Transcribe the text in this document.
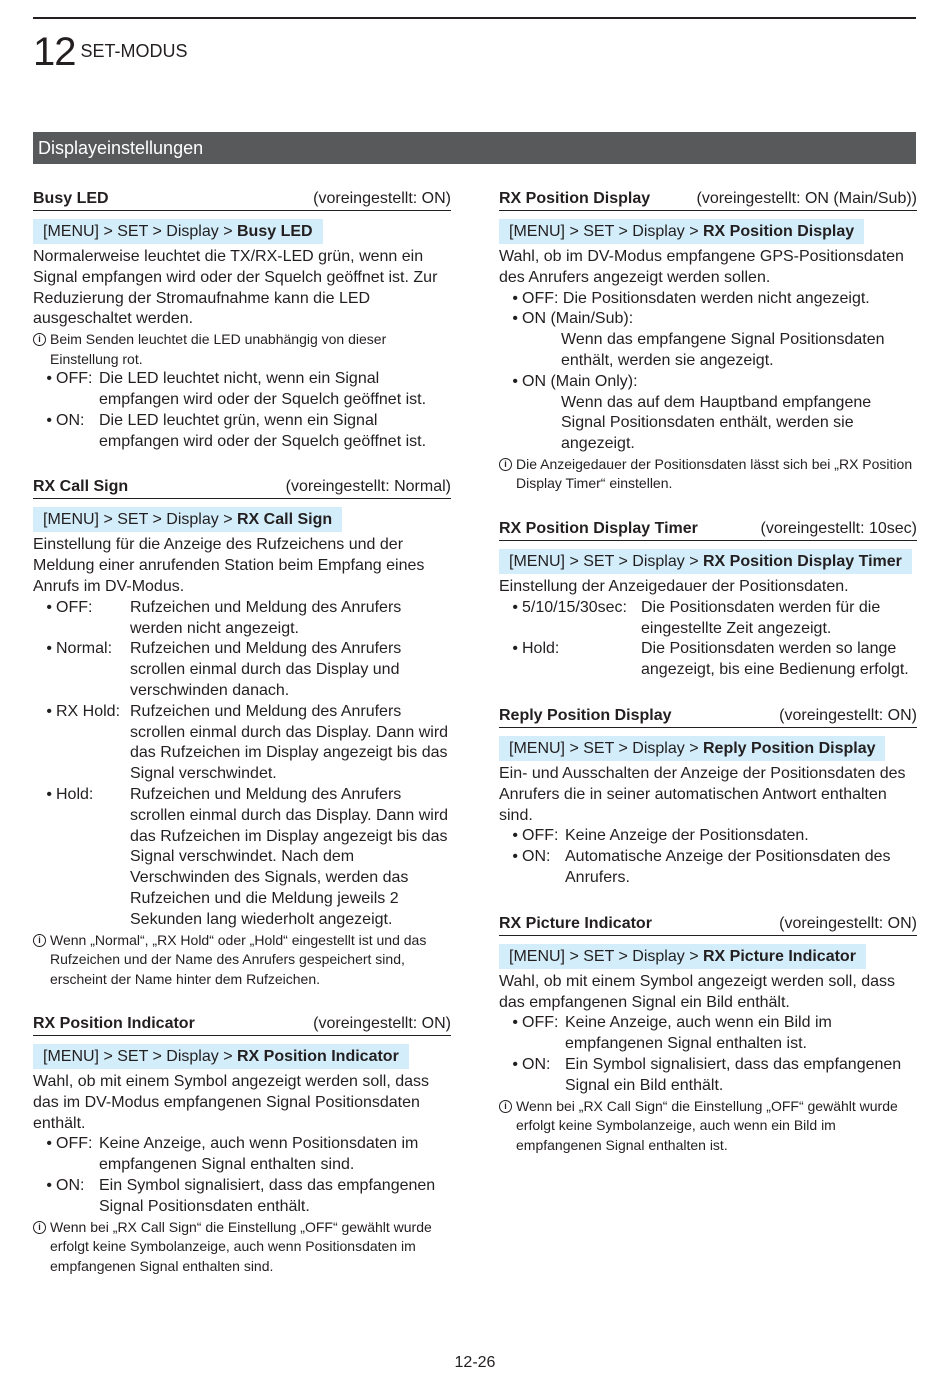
12 SET-MODUS
Displayeinstellungen
Busy LED	(voreingestellt: ON)
[MENU] > SET > Display > Busy LED
Normalerweise leuchtet die TX/RX-LED grün, wenn ein Signal empfangen wird oder der Squelch geöffnet ist. Zur Reduzierung der Stromaufnahme kann die LED ausgeschaltet werden.
i Beim Senden leuchtet die LED unabhängig von dieser Einstellung rot.
• OFF: Die LED leuchtet nicht, wenn ein Signal empfangen wird oder der Squelch geöffnet ist.
• ON: Die LED leuchtet grün, wenn ein Signal empfangen wird oder der Squelch geöffnet ist.
RX Call Sign	(voreingestellt: Normal)
[MENU] > SET > Display > RX Call Sign
Einstellung für die Anzeige des Rufzeichens und der Meldung einer anrufenden Station beim Empfang eines Anrufs im DV-Modus.
• OFF:	Rufzeichen und Meldung des Anrufers werden nicht angezeigt.
• Normal:	Rufzeichen und Meldung des Anrufers scrollen einmal durch das Display und verschwinden danach.
• RX Hold: Rufzeichen und Meldung des Anrufers scrollen einmal durch das Display. Dann wird das Rufzeichen im Display angezeigt bis das Signal verschwindet.
• Hold:	Rufzeichen und Meldung des Anrufers scrollen einmal durch das Display. Dann wird das Rufzeichen im Display angezeigt bis das Signal verschwindet. Nach dem Verschwinden des Signals, werden das Rufzeichen und die Meldung jeweils 2 Sekunden lang wiederholt angezeigt.
i Wenn „Normal“, „RX Hold“ oder „Hold“ eingestellt ist und das Rufzeichen und der Name des Anrufers gespeichert sind, erscheint der Name hinter dem Rufzeichen.
RX Position Indicator	(voreingestellt: ON)
[MENU] > SET > Display > RX Position Indicator
Wahl, ob mit einem Symbol angezeigt werden soll, dass das im DV-Modus empfangenen Signal Positionsdaten enthält.
• OFF: Keine Anzeige, auch wenn Positionsdaten im empfangenen Signal enthalten sind.
• ON: Ein Symbol signalisiert, dass das empfangenen Signal Positionsdaten enthält.
i Wenn bei „RX Call Sign“ die Einstellung „OFF“ gewählt wurde erfolgt keine Symbolanzeige, auch wenn Positionsdaten im empfangenen Signal enthalten sind.
RX Position Display	(voreingestellt: ON (Main/Sub))
[MENU] > SET > Display > RX Position Display
Wahl, ob im DV-Modus empfangene GPS-Positionsdaten des Anrufers angezeigt werden sollen.
• OFF: Die Positionsdaten werden nicht angezeigt.
• ON (Main/Sub):
Wenn das empfangene Signal Positionsdaten enthält, werden sie angezeigt.
• ON (Main Only):
Wenn das auf dem Hauptband empfangene Signal Positionsdaten enthält, werden sie angezeigt.
i Die Anzeigedauer der Positionsdaten lässt sich bei „RX Position Display Timer“ einstellen.
RX Position Display Timer	(voreingestellt: 10sec)
[MENU] > SET > Display > RX Position Display Timer
Einstellung der Anzeigedauer der Positionsdaten.
• 5/10/15/30sec: Die Positionsdaten werden für die eingestellte Zeit angezeigt.
• Hold:	Die Positionsdaten werden so lange angezeigt, bis eine Bedienung erfolgt.
Reply Position Display	(voreingestellt: ON)
[MENU] > SET > Display > Reply Position Display
Ein- und Ausschalten der Anzeige der Positionsdaten des Anrufers die in seiner automatischen Antwort enthalten sind.
• OFF: Keine Anzeige der Positionsdaten.
• ON: Automatische Anzeige der Positionsdaten des Anrufers.
RX Picture Indicator	(voreingestellt: ON)
[MENU] > SET > Display > RX Picture Indicator
Wahl, ob mit einem Symbol angezeigt werden soll, dass das empfangenen Signal ein Bild enthält.
• OFF: Keine Anzeige, auch wenn ein Bild im empfangenen Signal enthalten ist.
• ON: Ein Symbol signalisiert, dass das empfangenen Signal ein Bild enthält.
i Wenn bei „RX Call Sign“ die Einstellung „OFF“ gewählt wurde erfolgt keine Symbolanzeige, auch wenn ein Bild im empfangenen Signal enthalten ist.
12-26
